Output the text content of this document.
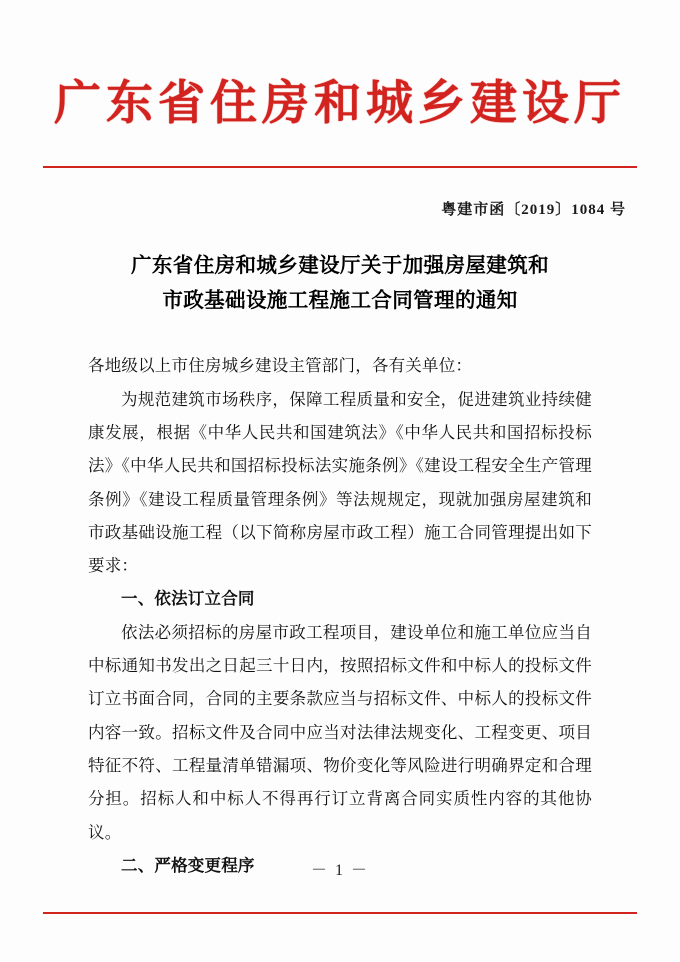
广东省住房和城乡建设厅
粤建市函〔2019〕1084 号
广东省住房和城乡建设厅关于加强房屋建筑和
市政基础设施工程施工合同管理的通知

各地级以上市住房城乡建设主管部门，各有关单位：

为规范建筑市场秩序，保障工程质量和安全，促进建筑业持续健康发展，根据《中华人民共和国建筑法》《中华人民共和国招标投标法》《中华人民共和国招标投标法实施条例》《建设工程安全生产管理条例》《建设工程质量管理条例》等法规规定，现就加强房屋建筑和市政基础设施工程（以下简称房屋市政工程）施工合同管理提出如下要求：

一、依法订立合同

依法必须招标的房屋市政工程项目，建设单位和施工单位应当自中标通知书发出之日起三十日内，按照招标文件和中标人的投标文件订立书面合同，合同的主要条款应当与招标文件、中标人的投标文件内容一致。招标文件及合同中应当对法律法规变化、工程变更、项目特征不符、工程量清单错漏项、物价变化等风险进行明确界定和合理分担。招标人和中标人不得再行订立背离合同实质性内容的其他协议。

二、严格变更程序	－ 1 －
